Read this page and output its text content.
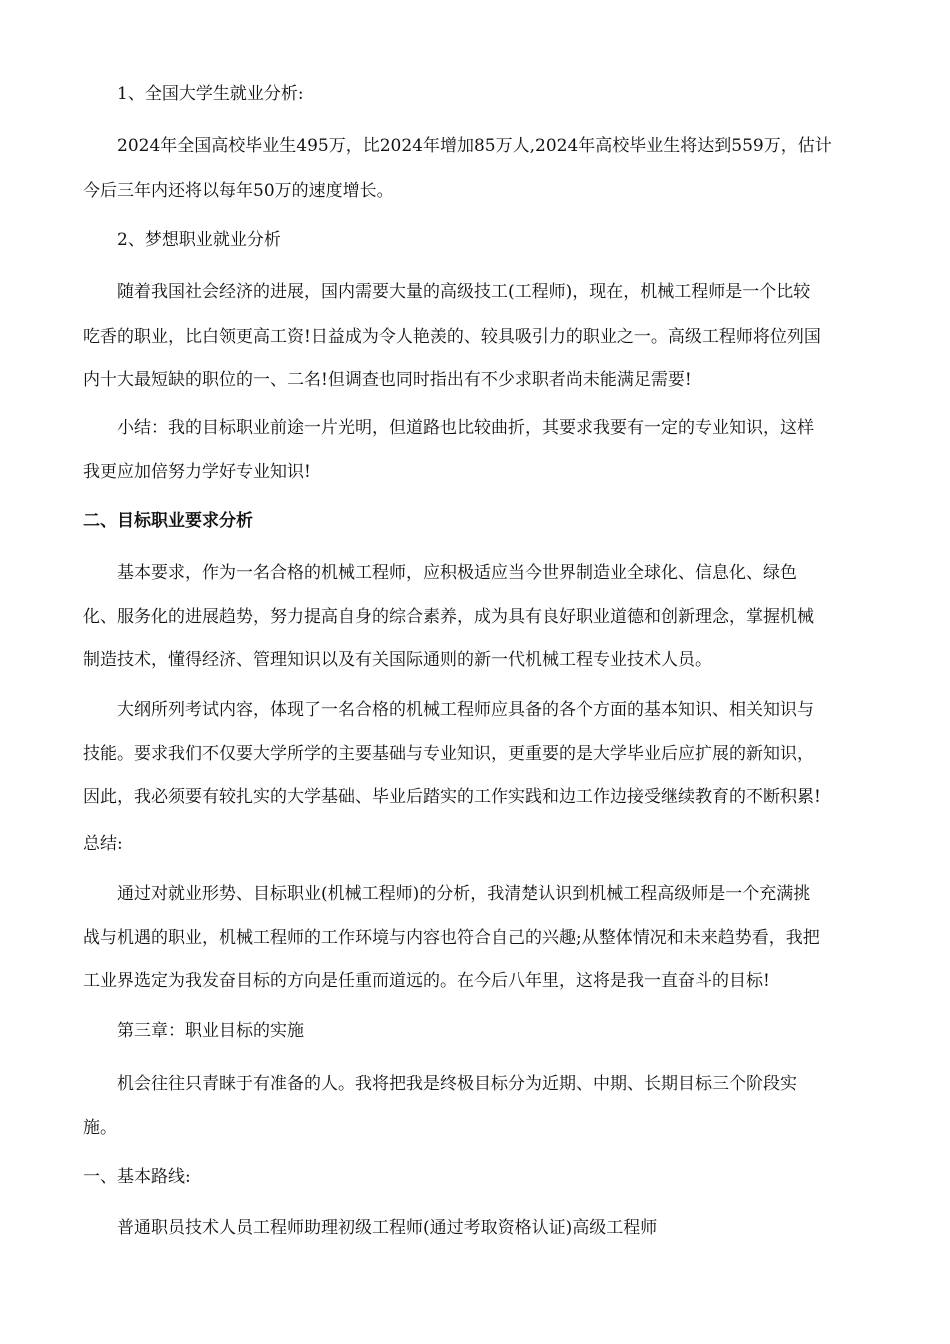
1、全国大学生就业分析:

2024年全国高校毕业生495万，比2024年增加85万人,2024年高校毕业生将达到559万，估计

今后三年内还将以每年50万的速度增长。

2、梦想职业就业分析

随着我国社会经济的进展，国内需要大量的高级技工(工程师)，现在，机械工程师是一个比较

吃香的职业，比白领更高工资!日益成为令人艳羡的、较具吸引力的职业之一。高级工程师将位列国

内十大最短缺的职位的一、二名!但调查也同时指出有不少求职者尚未能满足需要!

小结：我的目标职业前途一片光明，但道路也比较曲折，其要求我要有一定的专业知识，这样

我更应加倍努力学好专业知识!

二、目标职业要求分析

基本要求，作为一名合格的机械工程师，应积极适应当今世界制造业全球化、信息化、绿色

化、服务化的进展趋势，努力提高自身的综合素养，成为具有良好职业道德和创新理念，掌握机械

制造技术，懂得经济、管理知识以及有关国际通则的新一代机械工程专业技术人员。

大纲所列考试内容，体现了一名合格的机械工程师应具备的各个方面的基本知识、相关知识与

技能。要求我们不仅要大学所学的主要基础与专业知识，更重要的是大学毕业后应扩展的新知识，

因此，我必须要有较扎实的大学基础、毕业后踏实的工作实践和边工作边接受继续教育的不断积累!

总结:

通过对就业形势、目标职业(机械工程师)的分析，我清楚认识到机械工程高级师是一个充满挑

战与机遇的职业，机械工程师的工作环境与内容也符合自己的兴趣;从整体情况和未来趋势看，我把

工业界选定为我发奋目标的方向是任重而道远的。在今后八年里，这将是我一直奋斗的目标!

第三章：职业目标的实施

机会往往只青睐于有准备的人。我将把我是终极目标分为近期、中期、长期目标三个阶段实

施。

一、基本路线:

普通职员技术人员工程师助理初级工程师(通过考取资格认证)高级工程师
